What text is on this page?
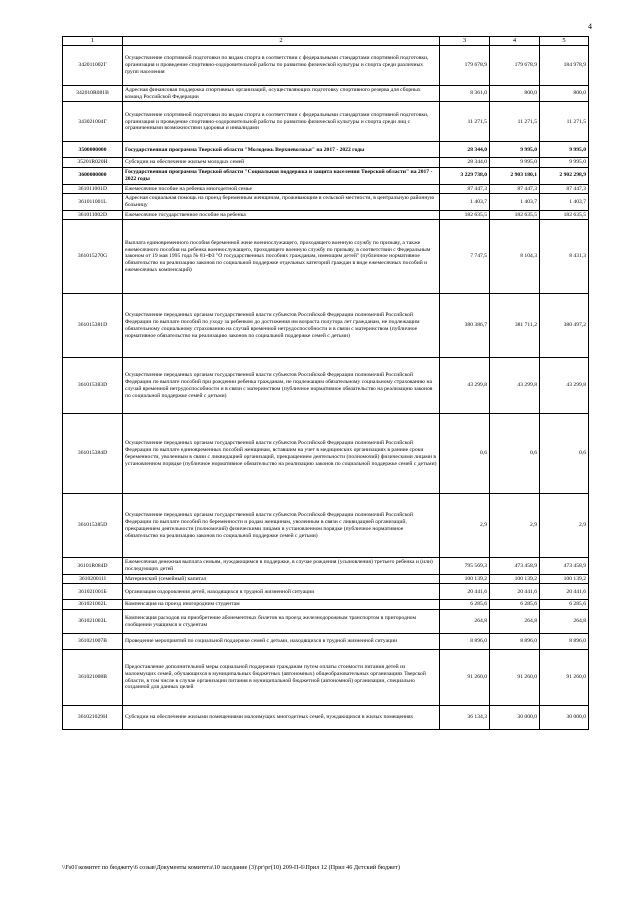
4
1	2	3	4	5
342011002Г	Осуществление спортивной подготовки по видам спорта в соответствии с федеральными стандартами спортивной подготовки, организация и проведение спортивно-оздоровительной работы по развитию физической культуры и спорта среди различных групп населения	179 678,9	179 678,9	184 978,9
342010R081В	Адресная финансовая поддержка спортивных организаций, осуществляющих подготовку спортивного резерва для сборных команд Российской Федерации	8 361,0	800,0	800,0
343021004Г	Осуществление спортивной подготовки по видам спорта в соответствии с федеральными стандартами спортивной подготовки, организация и проведение спортивно-оздоровительной работы по развитию физической культуры и спорта среди лиц с ограниченными возможностями здоровья и инвалидами	11 271,5	11 271,5	11 271,5
3500000000	Государственная программа Тверской области "Молодежь Верхневолжья" на 2017 - 2022 годы	28 344,0	9 995,0	9 995,0
35201R020Н	Субсидии на обеспечение жильем молодых семей	28 344,0	9 995,0	9 995,0
3600000000	Государственная программа Тверской области "Социальная поддержка и защита населения Тверской области" на 2017 - 2022 годы	3 229 738,0	2 903 180,1	2 902 298,9
361011001D	Ежемесячное пособие на ребенка многодетной семье	87 447,3	87 447,3	87 447,3
361011001L	Адресная социальная помощь на проезд беременным женщинам, проживающим в сельской местности, в центральную районную больницу	1 403,7	1 403,7	1 403,7
361011002D	Ежемесячное государственное пособие на ребенка	182 635,5	182 635,5	182 635,5
361015270G	Выплата единовременного пособия беременной жене военнослужащего, проходящего военную службу по призыву, а также ежемесячного пособия на ребенка военнослужащего, проходящего военную службу по призыву, в соответствии с Федеральным законом от 19 мая 1995 года № 81-ФЗ "О государственных пособиях гражданам, имеющим детей" (публичное нормативное обязательство на реализацию законов по социальной поддержке отдельных категорий граждан в виде ежемесячных пособий и ежемесячных компенсаций)	7 747,5	8 104,3	8 431,3
361015381D	Осуществление переданных органам государственной власти субъектов Российской Федерации полномочий Российской Федерации по выплате пособий по уходу за ребенком до достижения им возраста полутора лет гражданам, не подлежащим обязательному социальному страхованию на случай временной нетрудоспособности и в связи с материнством (публичное нормативное обязательство на реализацию законов по социальной поддержке семей с детьми)	380 386,7	381 711,2	380 497,2
361015383D	Осуществление переданных органам государственной власти субъектов Российской Федерации полномочий Российской Федерации по выплате пособий при рождении ребенка гражданам, не подлежащим обязательному социальному страхованию на случай временной нетрудоспособности и в связи с материнством (публичное нормативное обязательство на реализацию законов по социальной поддержке семей с детьми)	43 299,8	43 299,8	43 299,8
361015384D	Осуществление переданных органам государственной власти субъектов Российской Федерации полномочий Российской Федерации по выплате единовременных пособий женщинам, вставшим на учет в медицинских организациях в ранние сроки беременности, уволенным в связи с ликвидацией организаций, прекращением деятельности (полномочий) физическими лицами в установленном порядке (публичное нормативное обязательство на реализацию законов по социальной поддержке семей с детьми)	0,6	0,6	0,6
361015385D	Осуществление переданных органам государственной власти субъектов Российской Федерации полномочий Российской Федерации по выплате пособий по беременности и родам женщинам, уволенным в связи с ликвидацией организаций, прекращением деятельности (полномочий) физическими лицами в установленном порядке (публичное нормативное обязательство на реализацию законов по социальной поддержке семей с детьми)	2,9	2,9	2,9
36101R084D	Ежемесячная денежная выплата семьям, нуждающимся в поддержке, в случае рождения (усыновления) третьего ребенка и (или) последующих детей	795 569,3	473 458,9	473 458,9
361020011I	Материнский (семейный) капитал	100 139,2	100 139,2	100 139,2
361021001Б	Организация оздоровления детей, находящихся в трудной жизненной ситуации	20 441,6	20 441,6	20 441,6
361021002L	Компенсация на проезд иногородним студентам	6 285,6	6 285,6	6 285,6
361021003L	Компенсация расходов на приобретение абонементных билетов на проезд железнодорожным транспортом в пригородном сообщении учащимся и студентам	264,8	264,8	264,8
361021007B	Проведение мероприятий по социальной поддержке семей с детьми, находящихся в трудной жизненной ситуации	8 896,0	8 896,0	8 896,0
361021008B	Предоставление дополнительной меры социальной поддержки гражданам путем оплаты стоимости питания детей из малоимущих семей, обучающихся в муниципальных бюджетных (автономных) общеобразовательных организациях Тверской области, в том числе в случае организации питания в муниципальной бюджетной (автономной) организации, специально созданной для данных целей	91 260,0	91 260,0	91 260,0
361021029Н	Субсидии на обеспечение жилыми помещениями малоимущих многодетных семей, нуждающихся в жилых помещениях	36 134,3	30 000,0	30 000,0
\\Fs01\комитет по бюджету\6 созыв\Документы комитета\10 заседание (3)\рг\рг(10) 209-П-6\Прил 12 (Прил 46 Детский бюджет)
